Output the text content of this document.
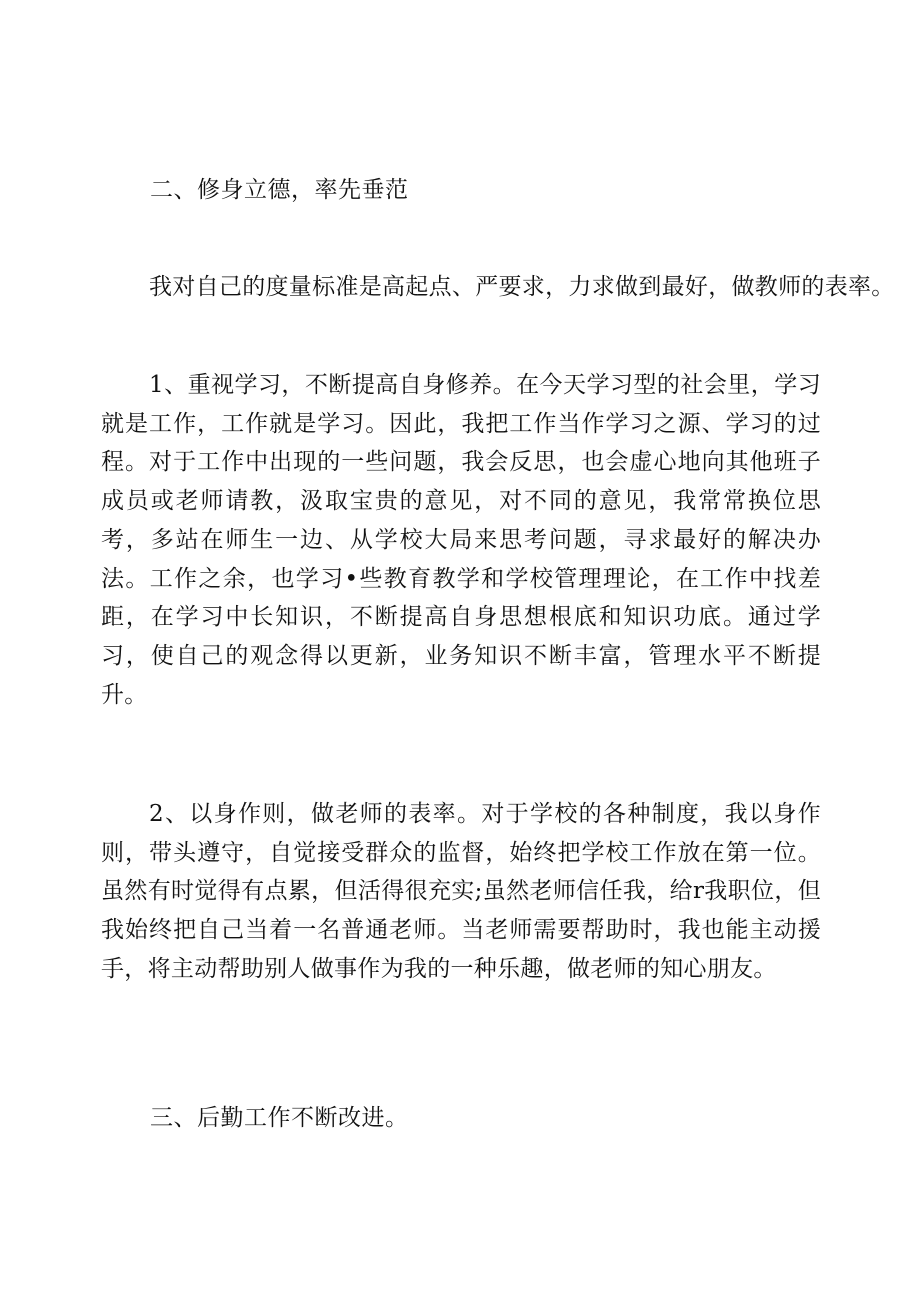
二、修身立德，率先垂范
我对自己的度量标准是高起点、严要求，力求做到最好，做教师的表率。
1、重视学习，不断提高自身修养。在今天学习型的社会里，学习就是工作，工作就是学习。因此，我把工作当作学习之源、学习的过程。对于工作中出现的一些问题，我会反思，也会虚心地向其他班子成员或老师请教，汲取宝贵的意见，对不同的意见，我常常换位思考，多站在师生一边、从学校大局来思考问题，寻求最好的解决办法。工作之余，也学习•些教育教学和学校管理理论，在工作中找差距，在学习中长知识，不断提高自身思想根底和知识功底。通过学习，使自己的观念得以更新，业务知识不断丰富，管理水平不断提升。
2、以身作则，做老师的表率。对于学校的各种制度，我以身作则，带头遵守，自觉接受群众的监督，始终把学校工作放在第一位。虽然有时觉得有点累，但活得很充实;虽然老师信任我，给r我职位，但我始终把自己当着一名普通老师。当老师需要帮助时，我也能主动援手，将主动帮助别人做事作为我的一种乐趣，做老师的知心朋友。
三、后勤工作不断改进。
